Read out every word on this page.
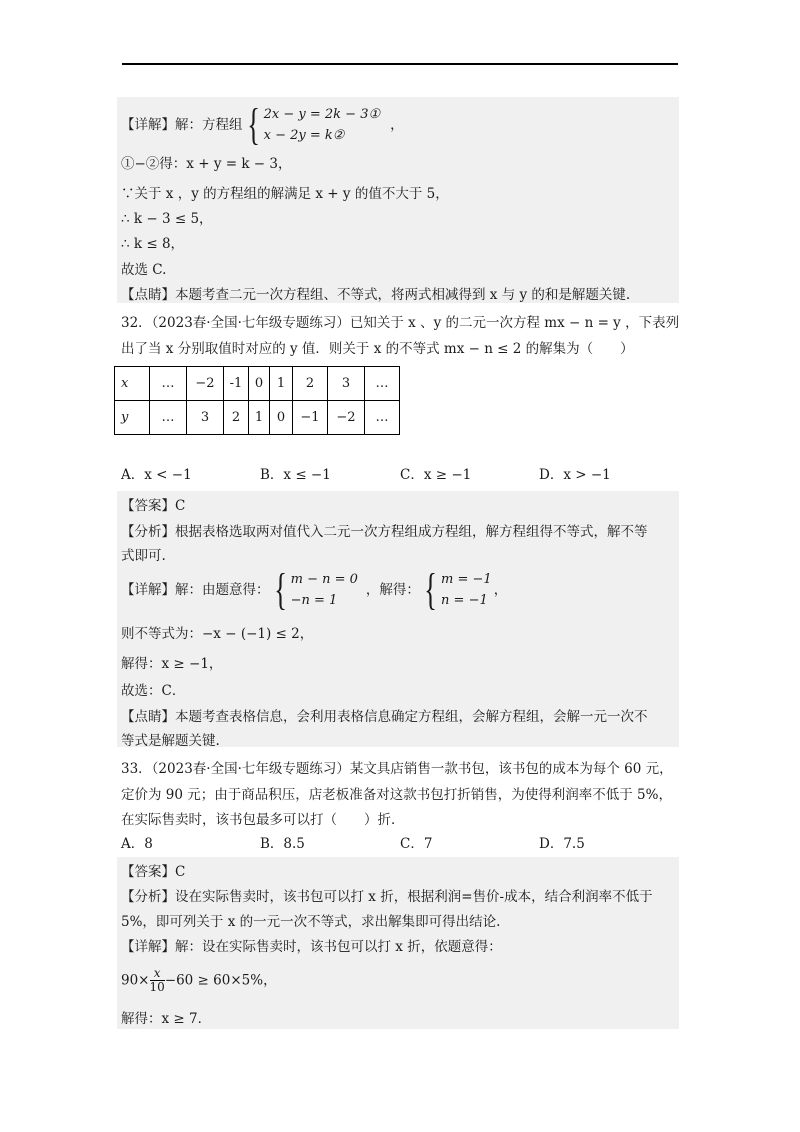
【详解】解：方程组{ 2x − y = 2k − 3①
x − 2y = k②，
①−②得：x + y = k − 3，
∵关于 x ，y 的方程组的解满足 x + y 的值不大于 5，
∴ k − 3 ≤ 5，
∴ k ≤ 8，
故选 C.
【点睛】本题考查二元一次方程组、不等式，将两式相减得到 x 与 y 的和是解题关键.
32．（2023春·全国·七年级专题练习）已知关于 x 、y 的二元一次方程 mx − n = y ，下表列
出了当 x 分别取值时对应的 y 值．则关于 x 的不等式 mx − n ≤ 2 的解集为（　　）
x	…	−2	-1	0	1	2	3	…
y	…	3	2	1	0	−1	−2	…
A．x < −1	B．x ≤ −1	C．x ≥ −1	D．x > −1
【答案】C
【分析】根据表格选取两对值代入二元一次方程组成方程组，解方程组得不等式，解不等
式即可.
【详解】解：由题意得：{ m − n = 0
−n = 1，解得：{ m = −1
n = −1，
则不等式为：−x − (−1) ≤ 2，
解得：x ≥ −1，
故选：C．
【点睛】本题考查表格信息，会利用表格信息确定方程组，会解方程组，会解一元一次不
等式是解题关键.
33．（2023春·全国·七年级专题练习）某文具店销售一款书包，该书包的成本为每个 60 元，
定价为 90 元；由于商品积压，店老板准备对这款书包打折销售，为使得利润率不低于 5%，
在实际售卖时，该书包最多可以打（　　）折．
A．8	B．8.5	C．7	D．7.5
【答案】C
【分析】设在实际售卖时，该书包可以打 x 折，根据利润=售价-成本，结合利润率不低于
5%，即可列关于 x 的一元一次不等式，求出解集即可得出结论.
【详解】解：设在实际售卖时，该书包可以打 x 折，依题意得：
$90\times \frac{x}{10} -60 \ge 60\times 5\%$，
解得：x ≥ 7．
